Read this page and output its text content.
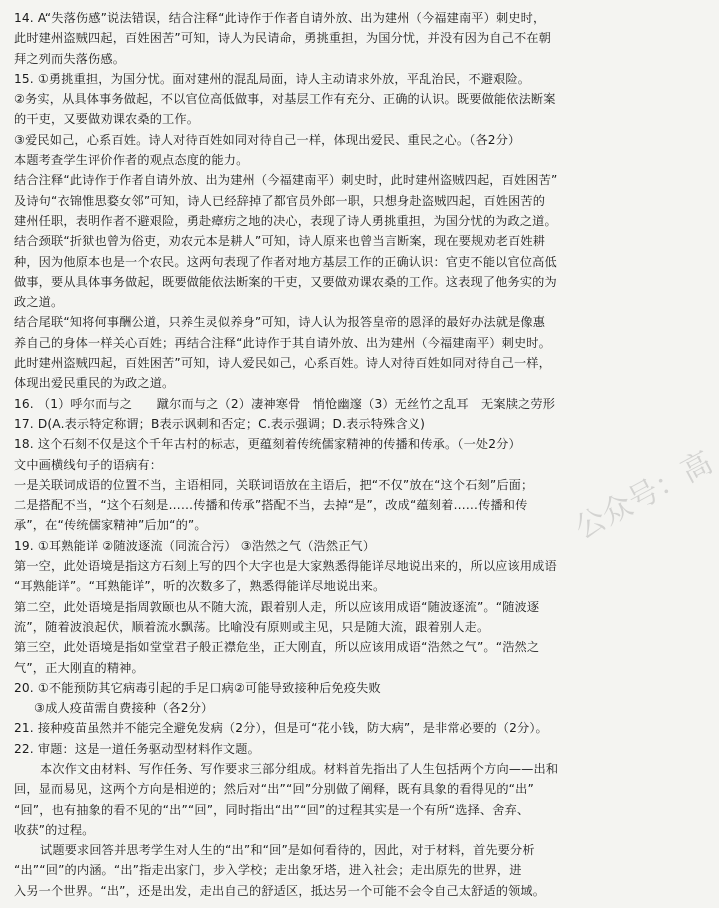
14. A“失落伤感”说法错误，结合注释“此诗作于作者自请外放、出为建州（今福建南平）刺史时，
此时建州盗贼四起，百姓困苦”可知，诗人为民请命，勇挑重担，为国分忧，并没有因为自己不在朝
拜之列而失落伤感。
15. ①勇挑重担，为国分忧。面对建州的混乱局面，诗人主动请求外放，平乱治民，不避艰险。
②务实，从具体事务做起，不以官位高低做事，对基层工作有充分、正确的认识。既要做能依法断案
的干吏，又要做劝课农桑的工作。
③爱民如己，心系百姓。诗人对待百姓如同对待自己一样，体现出爱民、重民之心。（各2分）
本题考查学生评价作者的观点态度的能力。
结合注释“此诗作于作者自请外放、出为建州（今福建南平）刺史时，此时建州盗贼四起，百姓困苦”
及诗句“衣锦惟思婺女邻”可知，诗人已经辞掉了都官员外郎一职，只想身赴盗贼四起，百姓困苦的
建州任职，表明作者不避艰险，勇赴瘴疠之地的决心，表现了诗人勇挑重担，为国分忧的为政之道。
结合颈联“折狱也曾为俗吏，劝农元本是耕人”可知，诗人原来也曾当言断案，现在要规劝老百姓耕
种，因为他原本也是一个农民。这两句表现了作者对地方基层工作的正确认识：官吏不能以官位高低
做事，要从具体事务做起，既要做能依法断案的干吏，又要做劝课农桑的工作。这表现了他务实的为
政之道。
结合尾联“知将何事酬公道，只养生灵似养身”可知，诗人认为报答皇帝的恩泽的最好办法就是像惠
养自己的身体一样关心百姓；再结合注释“此诗作于其自请外放、出为建州（今福建南平）刺史时。
此时建州盗贼四起，百姓困苦”可知，诗人爱民如己，心系百姓。诗人对待百姓如同对待自己一样，
体现出爱民重民的为政之道。
16. （1）呼尔而与之　　蹴尔而与之（2）凄神寒骨　悄怆幽邃（3）无丝竹之乱耳　无案牍之劳形
17. D(A.表示特定称谓；B表示讽刺和否定；C.表示强调；D.表示特殊含义)
18. 这个石刻不仅是这个千年古村的标志，更蕴刻着传统儒家精神的传播和传承。（一处2分）
文中画横线句子的语病有：
一是关联词成语的位置不当，主语相同，关联词语放在主语后，把“不仅”放在“这个石刻”后面；
二是搭配不当，“这个石刻是……传播和传承”搭配不当，去掉“是”，改成“蕴刻着……传播和传
承”，在“传统儒家精神”后加“的”。
19. ①耳熟能详 ②随波逐流（同流合污） ③浩然之气（浩然正气）
第一空，此处语境是指这方石刻上写的四个大字也是大家熟悉得能详尽地说出来的，所以应该用成语
“耳熟能详”。“耳熟能详”，听的次数多了，熟悉得能详尽地说出来。
第二空，此处语境是指周敦颐也从不随大流，跟着别人走，所以应该用成语“随波逐流”。“随波逐
流”，随着波浪起伏，顺着流水飘荡。比喻没有原则或主见，只是随大流，跟着别人走。
第三空，此处语境是指如堂堂君子般正襟危坐，正大刚直，所以应该用成语“浩然之气”。“浩然之
气”，正大刚直的精神。
20. ①不能预防其它病毒引起的手足口病②可能导致接种后免疫失败
③成人疫苗需自费接种（各2分）
21. 接种疫苗虽然并不能完全避免发病（2分），但是可“花小钱，防大病”，是非常必要的（2分）。
22. 审题：这是一道任务驱动型材料作文题。
本次作文由材料、写作任务、写作要求三部分组成。材料首先指出了人生包括两个方向——出和
回，显而易见，这两个方向是相逆的；然后对“出”“回”分别做了阐释，既有具象的看得见的“出”
“回”，也有抽象的看不见的“出”“回”，同时指出“出”“回”的过程其实是一个有所“选择、舍弃、
收获”的过程。
试题要求回答并思考学生对人生的“出”和“回”是如何看待的，因此，对于材料，首先要分析
“出”“回”的内涵。“出”指走出家门，步入学校；走出象牙塔，进入社会；走出原先的世界，进
入另一个世界。“出”，还是出发，走出自己的舒适区，抵达另一个可能不会令自己太舒适的领域。
公众号：高
